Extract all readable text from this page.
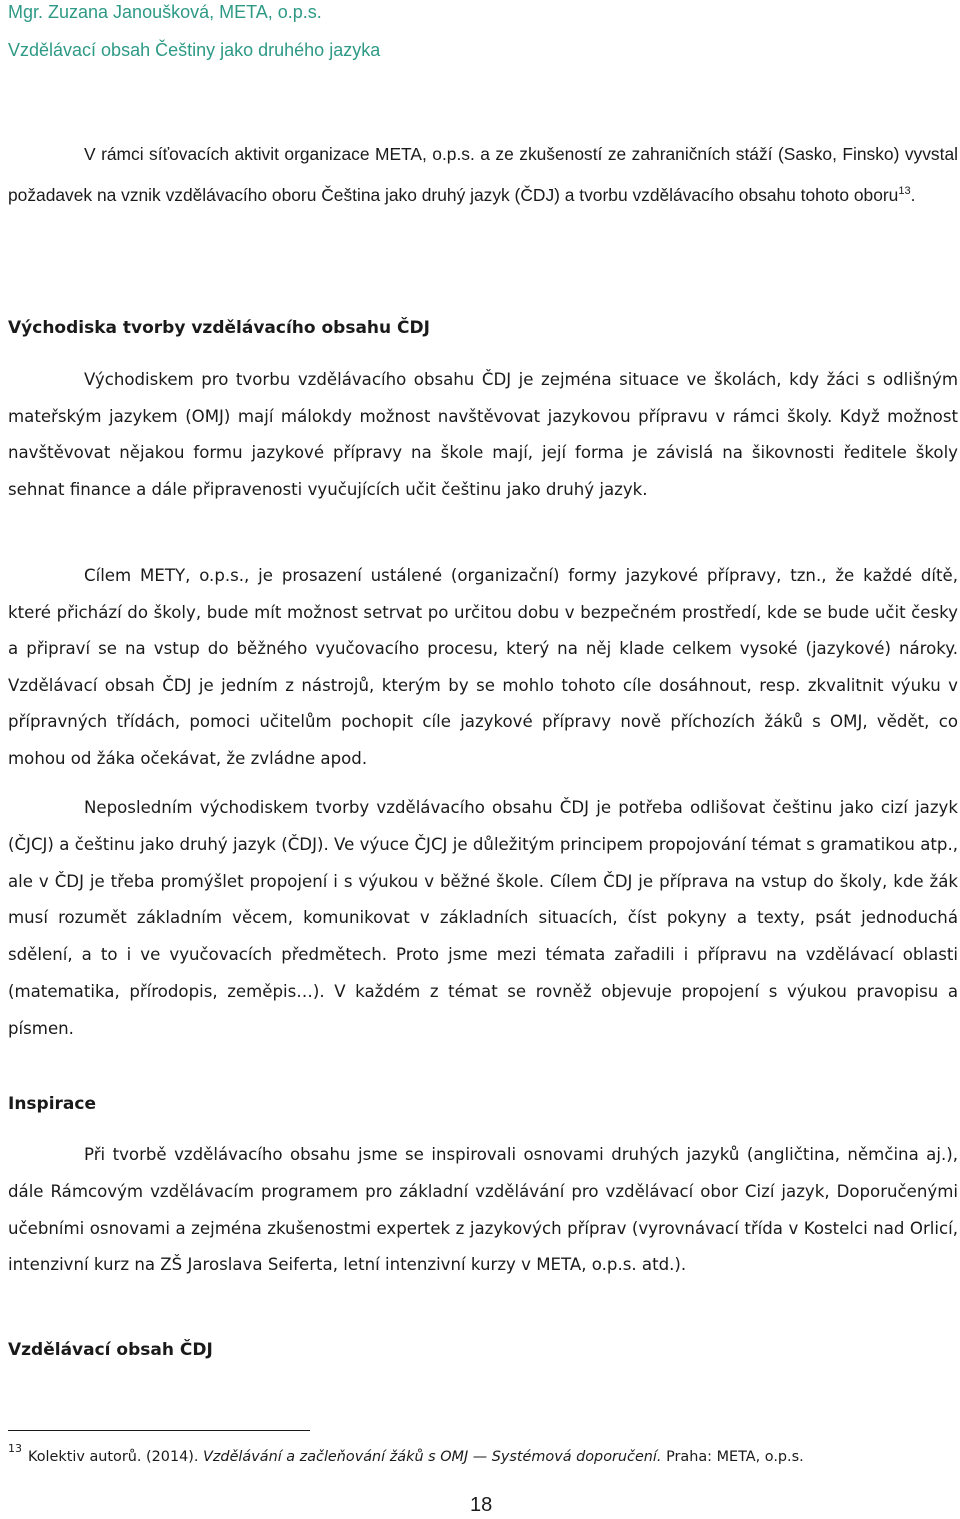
Mgr. Zuzana Janoušková, META, o.p.s.
Vzdělávací obsah Češtiny jako druhého jazyka

V rámci síťovacích aktivit organizace META, o.p.s. a ze zkušeností ze zahraničních stáží (Sasko, Finsko) vyvstal požadavek na vznik vzdělávacího oboru Čeština jako druhý jazyk (ČDJ) a tvorbu vzdělávacího obsahu tohoto oboru$^{13}$.

Východiska tvorby vzdělávacího obsahu ČDJ

Východiskem pro tvorbu vzdělávacího obsahu ČDJ je zejména situace ve školách, kdy žáci s odlišným mateřským jazykem (OMJ) mají málokdy možnost navštěvovat jazykovou přípravu v rámci školy. Když možnost navštěvovat nějakou formu jazykové přípravy na škole mají, její forma je závislá na šikovnosti ředitele školy sehnat finance a dále připravenosti vyučujících učit češtinu jako druhý jazyk.

Cílem METY, o.p.s., je prosazení ustálené (organizační) formy jazykové přípravy, tzn., že každé dítě, které přichází do školy, bude mít možnost setrvat po určitou dobu v bezpečném prostředí, kde se bude učit česky a připraví se na vstup do běžného vyučovacího procesu, který na něj klade celkem vysoké (jazykové) nároky. Vzdělávací obsah ČDJ je jedním z nástrojů, kterým by se mohlo tohoto cíle dosáhnout, resp. zkvalitnit výuku v přípravných třídách, pomoci učitelům pochopit cíle jazykové přípravy nově příchozích žáků s OMJ, vědět, co mohou od žáka očekávat, že zvládne apod.

Neposledním východiskem tvorby vzdělávacího obsahu ČDJ je potřeba odlišovat češtinu jako cizí jazyk (ČJCJ) a češtinu jako druhý jazyk (ČDJ). Ve výuce ČJCJ je důležitým principem propojování témat s gramatikou atp., ale v ČDJ je třeba promýšlet propojení i s výukou v běžné škole. Cílem ČDJ je příprava na vstup do školy, kde žák musí rozumět základním věcem, komunikovat v základních situacích, číst pokyny a texty, psát jednoduchá sdělení, a to i ve vyučovacích předmětech. Proto jsme mezi témata zařadili i přípravu na vzdělávací oblasti (matematika, přírodopis, zeměpis…). V každém z témat se rovněž objevuje propojení s výukou pravopisu a písmen.

Inspirace

Při tvorbě vzdělávacího obsahu jsme se inspirovali osnovami druhých jazyků (angličtina, němčina aj.), dále Rámcovým vzdělávacím programem pro základní vzdělávání pro vzdělávací obor Cizí jazyk, Doporučenými učebními osnovami a zejména zkušenostmi expertek z jazykových příprav (vyrovnávací třída v Kostelci nad Orlicí, intenzivní kurz na ZŠ Jaroslava Seiferta, letní intenzivní kurzy v META, o.p.s. atd.).

Vzdělávací obsah ČDJ
$^{13}$Kolektiv autorů. (2014). Vzdělávání a začleňování žáků s OMJ — Systémová doporučení. Praha: META, o.p.s.
18
